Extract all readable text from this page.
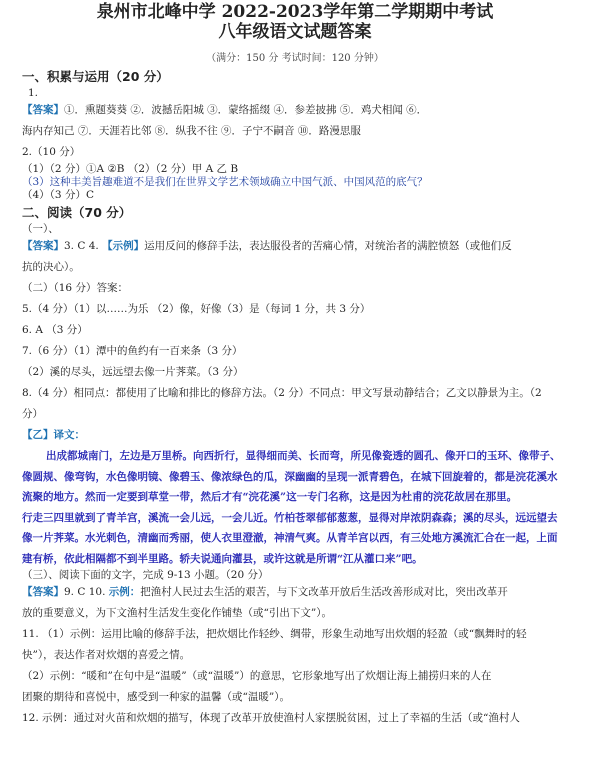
泉州市北峰中学 2022-2023学年第二学期期中考试

八年级语文试题答案

（满分：150 分 考试时间：120 分钟）

一、积累与运用（20 分）

1.

【答案】①．熏题葵葵 ②．波撼岳阳城 ③．蒙络摇缀 ④．参差披拂 ⑤．鸡犬相闻 ⑥．

海内存知己 ⑦．天涯若比邻 ⑧．纵我不往 ⑨．子宁不嗣音 ⑩．路漫思服

2.（10 分）

（1）（2 分）①A ②B （2）（2 分）甲 A 乙 B

（3）这种丰美旨趣难道不是我们在世界文学艺术领域确立中国气派、中国风范的底气？

（4）（3 分）C

二、阅读（70 分）

（一）、

【答案】3. C 4. 【示例】运用反问的修辞手法，表达服役者的苦痛心情，对统治者的满腔愤怒（或他们反

抗的决心）。

（二）（16 分）答案：

5.（4 分）（1）以……为乐 （2）像，好像（3）是（每词 1 分，共 3 分）

6. A （3 分）

7.（6 分）（1）潭中的鱼约有一百来条（3 分）

（2）溪的尽头，远远望去像一片荠菜。（3 分）

8.（4 分）相同点：都使用了比喻和排比的修辞方法。（2 分）不同点：甲文写景动静结合；乙文以静景为主。（2

分）

【乙】译文：

出成都城南门，左边是万里桥。向西折行，显得细而美、长而弯，所见像瓷透的圆孔、像开口的玉环、像带子、像圆规、像弯钩，水色像明镜、像碧玉、像浓绿色的瓜，深幽幽的呈现一派青碧色，在城下回旋着的，都是浣花溪水流聚的地方。然而一定要到草堂一带，然后才有“浣花溪”这一专门名称，这是因为杜甫的浣花故居在那里。

行走三四里就到了青羊宫，溪流一会儿远，一会儿近。竹柏苍翠郁郁葱葱，显得对岸浓阴森森；溪的尽头，远远望去像一片荠菜。水光刺色，清幽而秀丽，使人衣里澄澈，神清气爽。从青羊宫以西，有三处地方溪流汇合在一起，上面建有桥，依此相隔都不到半里路。轿夫说通向灌县，或许这就是所谓“江从灌口来”吧。

（三）、阅读下面的文字，完成 9-13 小题。（20 分）

【答案】9. C 10. 示例：把渔村人民过去生活的艰苦，与下文改革开放后生活改善形成对比，突出改革开

放的重要意义，为下文渔村生活发生变化作铺垫（或“引出下文”）。

11. （1）示例：运用比喻的修辞手法，把炊烟比作轻纱、绸带，形象生动地写出炊烟的轻盈（或“飘舞时的轻

快”），表达作者对炊烟的喜爱之情。

（2）示例：“暖和”在句中是“温暖”（或“温暖”）的意思，它形象地写出了炊烟让海上捕捞归来的人在

团聚的期待和喜悦中，感受到一种家的温馨（或“温暖”）。

12. 示例：通过对火苗和炊烟的描写，体现了改革开放使渔村人家摆脱贫困，过上了幸福的生活（或“渔村人
